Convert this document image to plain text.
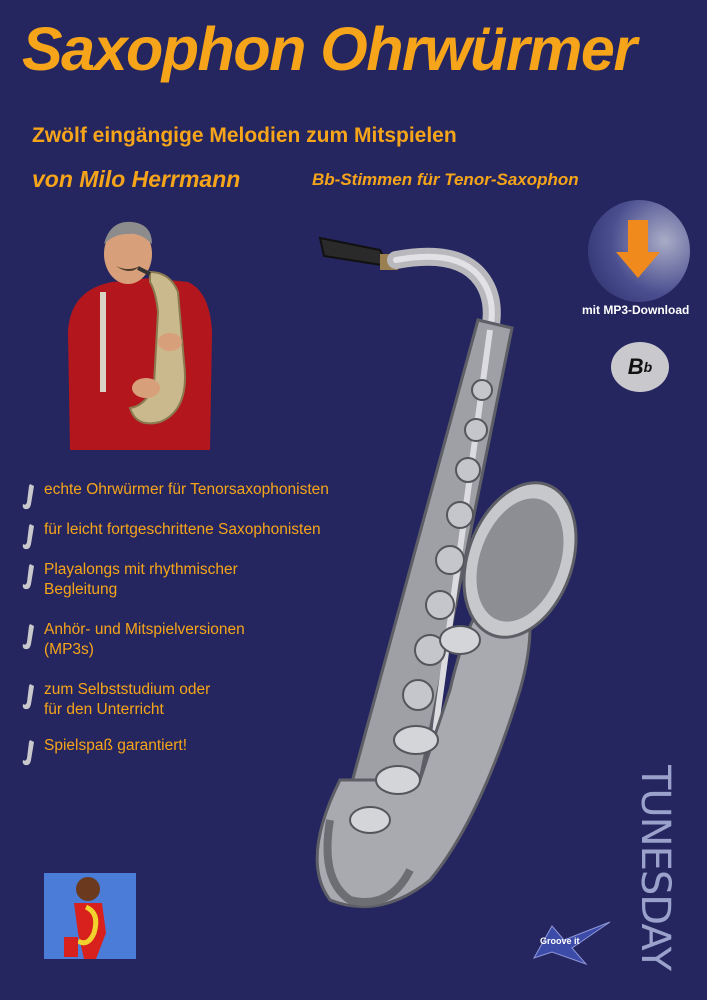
Saxophon Ohrwürmer
Zwölf eingängige Melodien zum Mitspielen
von Milo Herrmann	Bb-Stimmen für Tenor-Saxophon
mit MP3-Download
B b
echte Ohrwürmer für Tenorsaxophonisten
für leicht fortgeschrittene Saxophonisten
Playalongs mit rhythmischer
Begleitung
Anhör- und Mitspielversionen
(MP3s)
zum Selbststudium oder
für den Unterricht
Spielspaß garantiert!
TUNESDAY
Groove it
